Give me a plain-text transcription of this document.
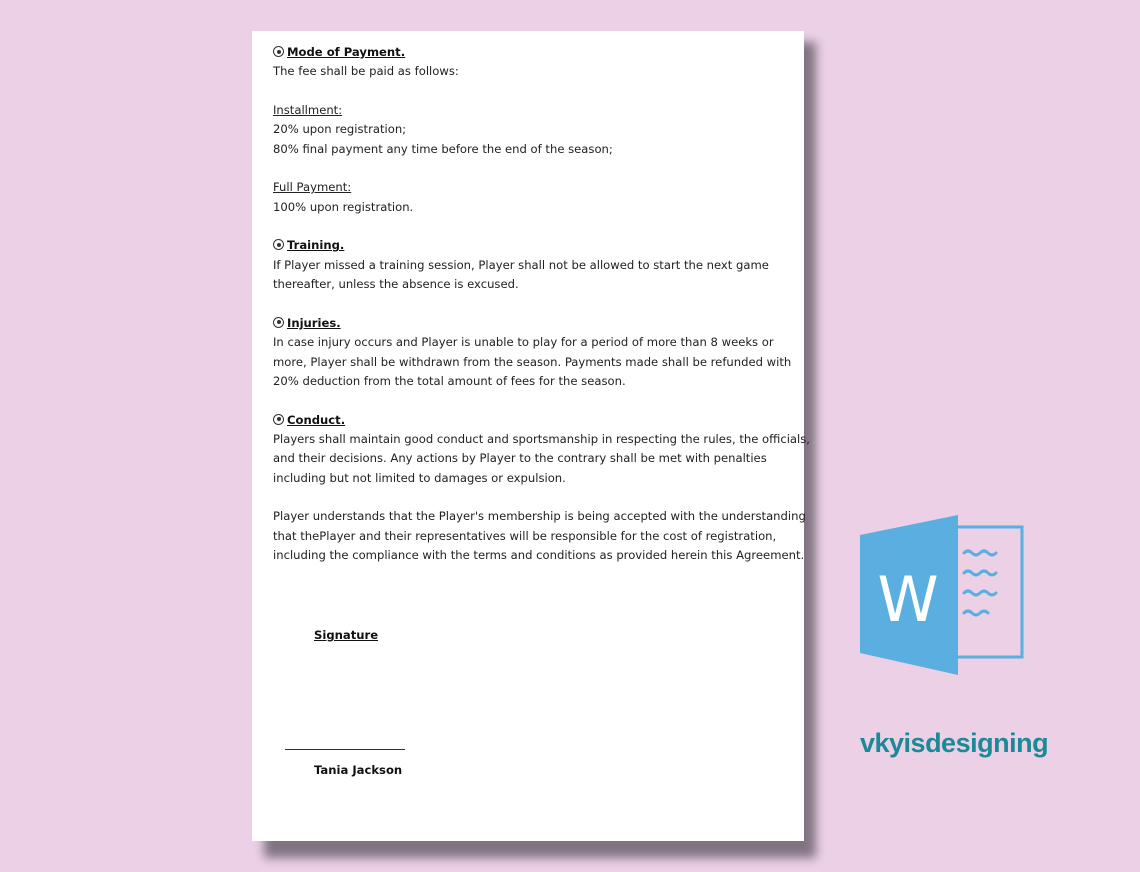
Mode of Payment.
The fee shall be paid as follows:
Installment:
20% upon registration;
80% final payment any time before the end of the season;
Full Payment:
100% upon registration.
Training.
If Player missed a training session, Player shall not be allowed to start the next game
thereafter, unless the absence is excused.
Injuries.
In case injury occurs and Player is unable to play for a period of more than 8 weeks or
more, Player shall be withdrawn from the season. Payments made shall be refunded with
20% deduction from the total amount of fees for the season.
Conduct.
Players shall maintain good conduct and sportsmanship in respecting the rules, the officials,
and their decisions. Any actions by Player to the contrary shall be met with penalties
including but not limited to damages or expulsion.
Player understands that the Player's membership is being accepted with the understanding
that thePlayer and their representatives will be responsible for the cost of registration,
including the compliance with the terms and conditions as provided herein this Agreement.
Signature
Tania Jackson
W
vkyisdesigning
